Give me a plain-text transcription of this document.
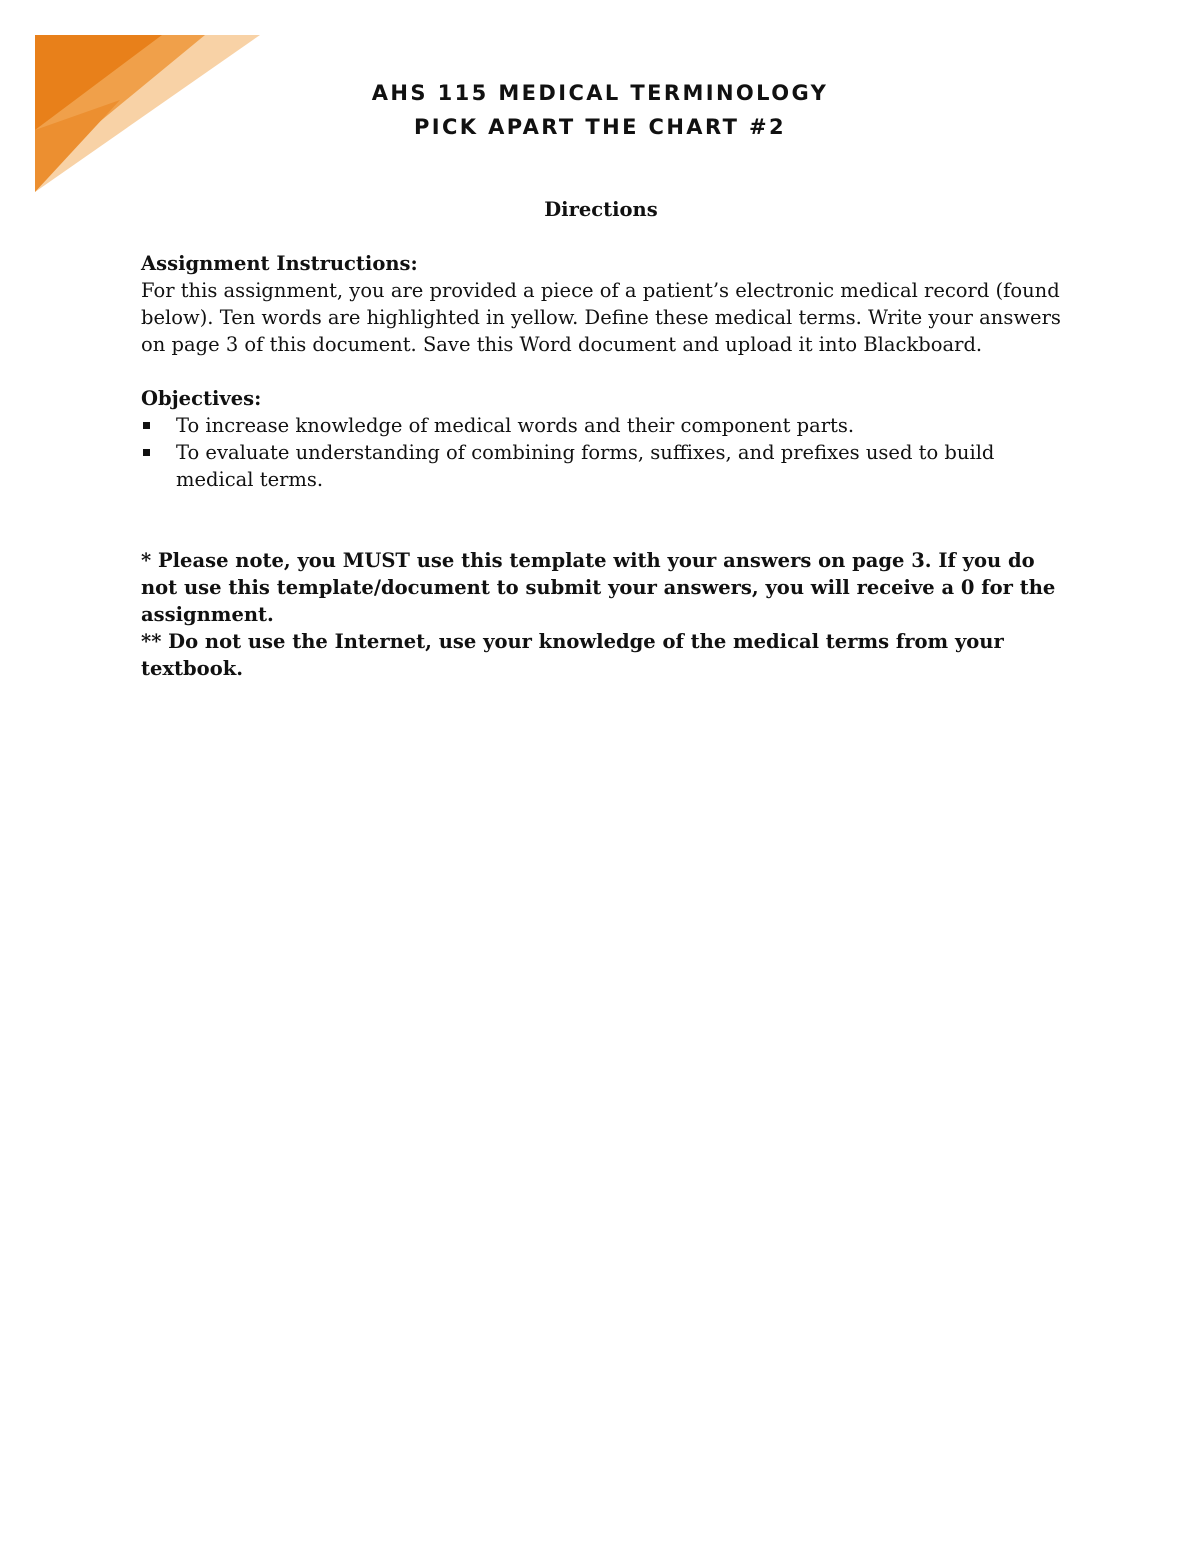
AHS 115 MEDICAL TERMINOLOGY
PICK APART THE CHART #2
Directions

Assignment Instructions:

For this assignment, you are provided a piece of a patient’s electronic medical record (found below). Ten words are highlighted in yellow. Define these medical terms. Write your answers on page 3 of this document. Save this Word document and upload it into Blackboard.

Objectives:

To increase knowledge of medical words and their component parts.
To evaluate understanding of combining forms, suffixes, and prefixes used to build medical terms.

* Please note, you MUST use this template with your answers on page 3. If you do not use this template/document to submit your answers, you will receive a 0 for the assignment.

** Do not use the Internet, use your knowledge of the medical terms from your textbook.
